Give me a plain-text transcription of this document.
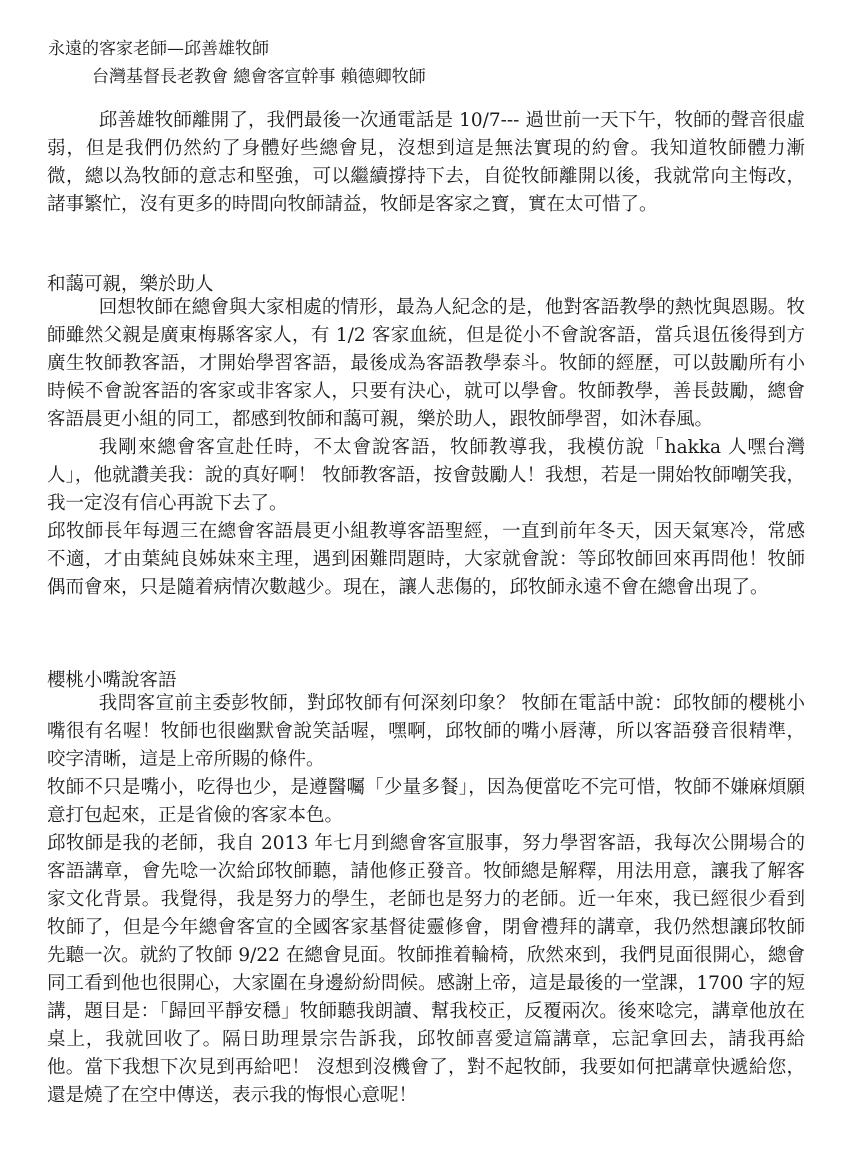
永遠的客家老師—邱善雄牧師
台灣基督長老教會 總會客宣幹事 賴德卿牧師

邱善雄牧師離開了，我們最後一次通電話是 10/7--- 過世前一天下午，牧師的聲音很虛弱，但是我們仍然約了身體好些總會見，沒想到這是無法實現的約會。我知道牧師體力漸微，總以為牧師的意志和堅強，可以繼續撐持下去，自從牧師離開以後，我就常向主悔改，諸事繁忙，沒有更多的時間向牧師請益，牧師是客家之寶，實在太可惜了。

和藹可親，樂於助人

回想牧師在總會與大家相處的情形，最為人紀念的是，他對客語教學的熱忱與恩賜。牧師雖然父親是廣東梅縣客家人，有 1/2 客家血統，但是從小不會說客語，當兵退伍後得到方廣生牧師教客語，才開始學習客語，最後成為客語教學泰斗。牧師的經歷，可以鼓勵所有小時候不會說客語的客家或非客家人，只要有決心，就可以學會。牧師教學，善長鼓勵，總會客語晨更小組的同工，都感到牧師和藹可親，樂於助人，跟牧師學習，如沐春風。

我剛來總會客宣赴任時，不太會說客語，牧師教導我，我模仿說「hakka 人嘿台灣人」，他就讚美我：說的真好啊！ 牧師教客語，按會鼓勵人！我想，若是一開始牧師嘲笑我，我一定沒有信心再說下去了。

邱牧師長年每週三在總會客語晨更小組教導客語聖經，一直到前年冬天，因天氣寒冷，常感不適，才由葉純良姊妹來主理，遇到困難問題時，大家就會說：等邱牧師回來再問他！牧師偶而會來，只是隨着病情次數越少。現在，讓人悲傷的，邱牧師永遠不會在總會出現了。

櫻桃小嘴說客語

我問客宣前主委彭牧師，對邱牧師有何深刻印象？ 牧師在電話中說：邱牧師的櫻桃小嘴很有名喔！牧師也很幽默會說笑話喔，嘿啊，邱牧師的嘴小唇薄，所以客語發音很精準，咬字清晰，這是上帝所賜的條件。

牧師不只是嘴小，吃得也少，是遵醫囑「少量多餐」，因為便當吃不完可惜，牧師不嫌麻煩願意打包起來，正是省儉的客家本色。

邱牧師是我的老師，我自 2013 年七月到總會客宣服事，努力學習客語，我每次公開場合的客語講章，會先唸一次給邱牧師聽，請他修正發音。牧師總是解釋，用法用意，讓我了解客家文化背景。我覺得，我是努力的學生，老師也是努力的老師。近一年來，我已經很少看到牧師了，但是今年總會客宣的全國客家基督徒靈修會，閉會禮拜的講章，我仍然想讓邱牧師先聽一次。就約了牧師 9/22 在總會見面。牧師推着輪椅，欣然來到，我們見面很開心，總會同工看到他也很開心，大家圍在身邊紛紛問候。感謝上帝，這是最後的一堂課，1700 字的短講，題目是：「歸回平靜安穩」牧師聽我朗讀、幫我校正，反覆兩次。後來唸完，講章他放在桌上，我就回收了。隔日助理景宗告訴我，邱牧師喜愛這篇講章，忘記拿回去，請我再給他。當下我想下次見到再給吧！ 沒想到沒機會了，對不起牧師，我要如何把講章快遞給您，還是燒了在空中傳送，表示我的悔恨心意呢！
